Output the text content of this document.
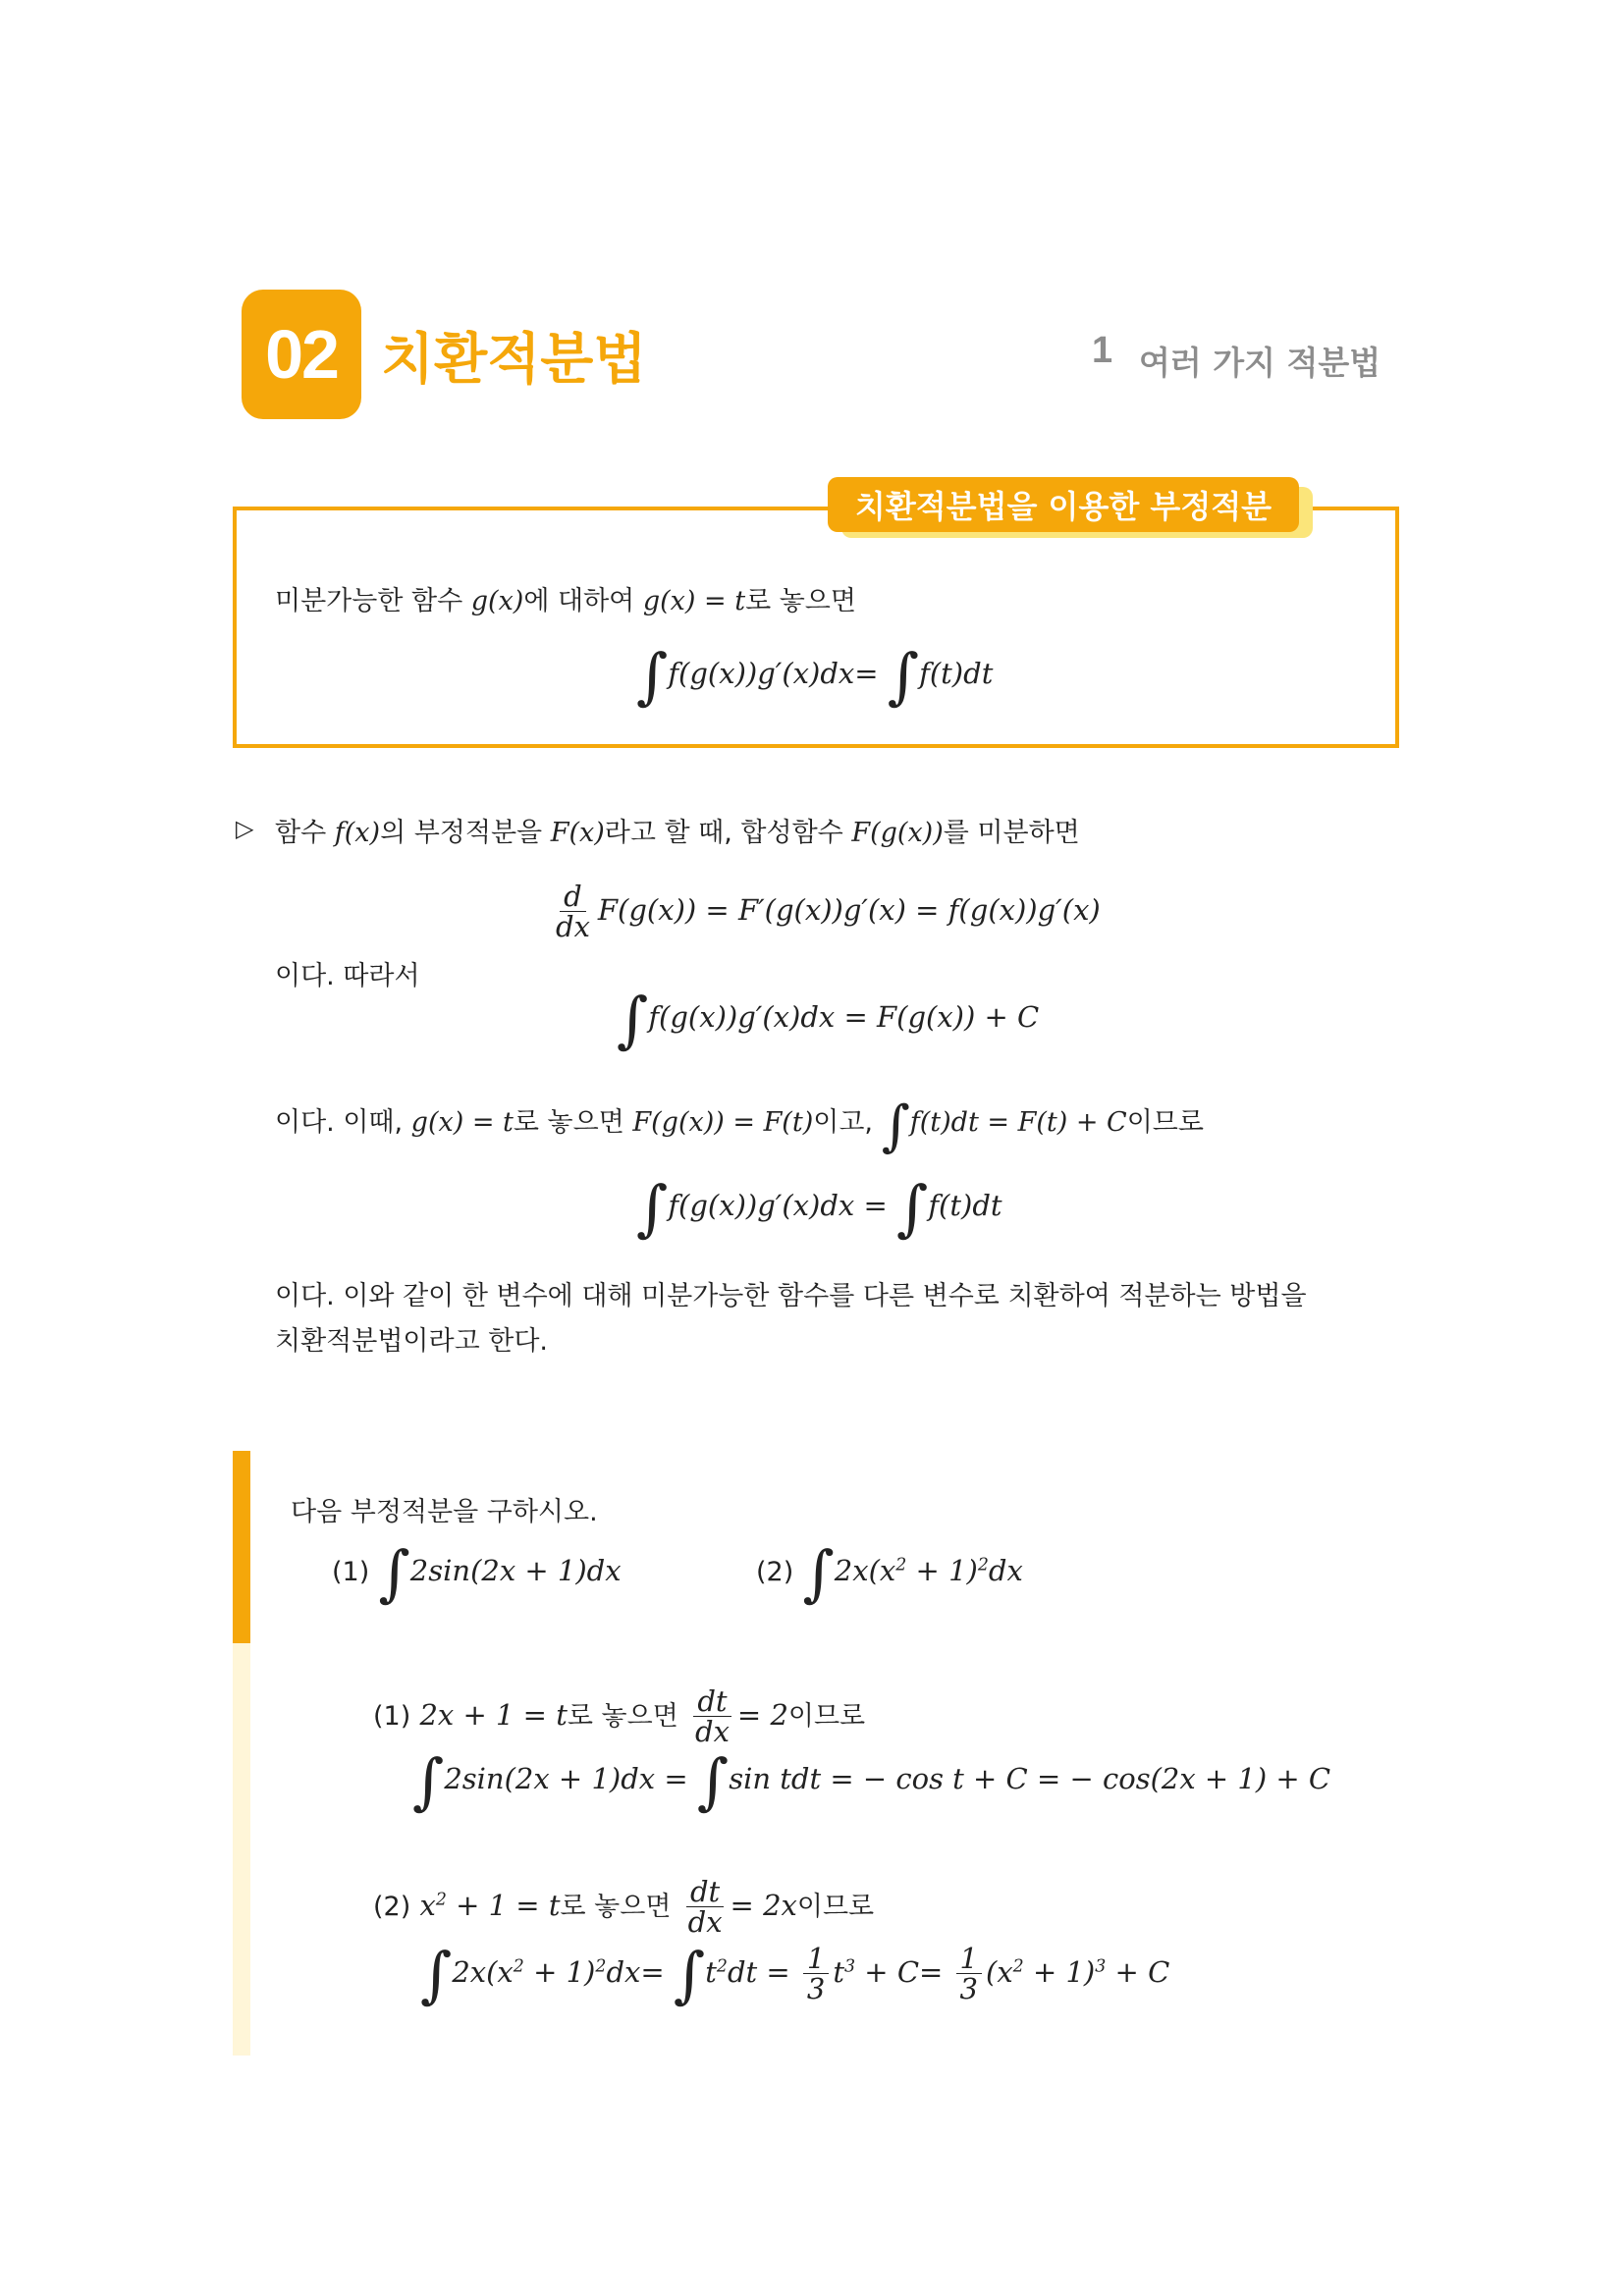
02 치환적분법	1 여러 가지 적분법
치환적분법을 이용한 부정적분
미분가능한 함수 g(x)에 대하여 g(x) = t로 놓으면
∫f(g(x))g′(x)dx= ∫f(t)dt
▷ 함수 f(x)의 부정적분을 F(x)라고 할 때, 합성함수 F(g(x))를 미분하면
$\frac{d}{dx} F(g(x)) = F'(g(x))g'(x) = f(g(x))g'(x)$
이다. 따라서
∫f(g(x))g′(x)dx = F(g(x)) + C
이다. 이때, g(x) = t로 놓으면 F(g(x)) = F(t)이고, ∫f(t)dt = F(t) + C이므로
∫f(g(x))g′(x)dx = ∫f(t)dt
이다. 이와 같이 한 변수에 대해 미분가능한 함수를 다른 변수로 치환하여 적분하는 방법을
치환적분법이라고 한다.
다음 부정적분을 구하시오.
(1) ∫2sin(2x + 1)dx	(2) $\int 2x(x^2 + 1)^2dx$
(1) 2x + 1 = t로 놓으면 $\frac{dt}{dx} = 2$이므로
∫2sin(2x + 1)dx = ∫sin tdt = − cos t + C = − cos(2x + 1) + C
(2) $x^2 + 1 = t$로 놓으면 $\frac{dt}{dx} = 2x$이므로
$\int 2x(x^2 + 1)^2dx= \int t^2dt = \frac{1}{3} t^3 + C= \frac{1}{3} (x^2 + 1)^3 + C$
